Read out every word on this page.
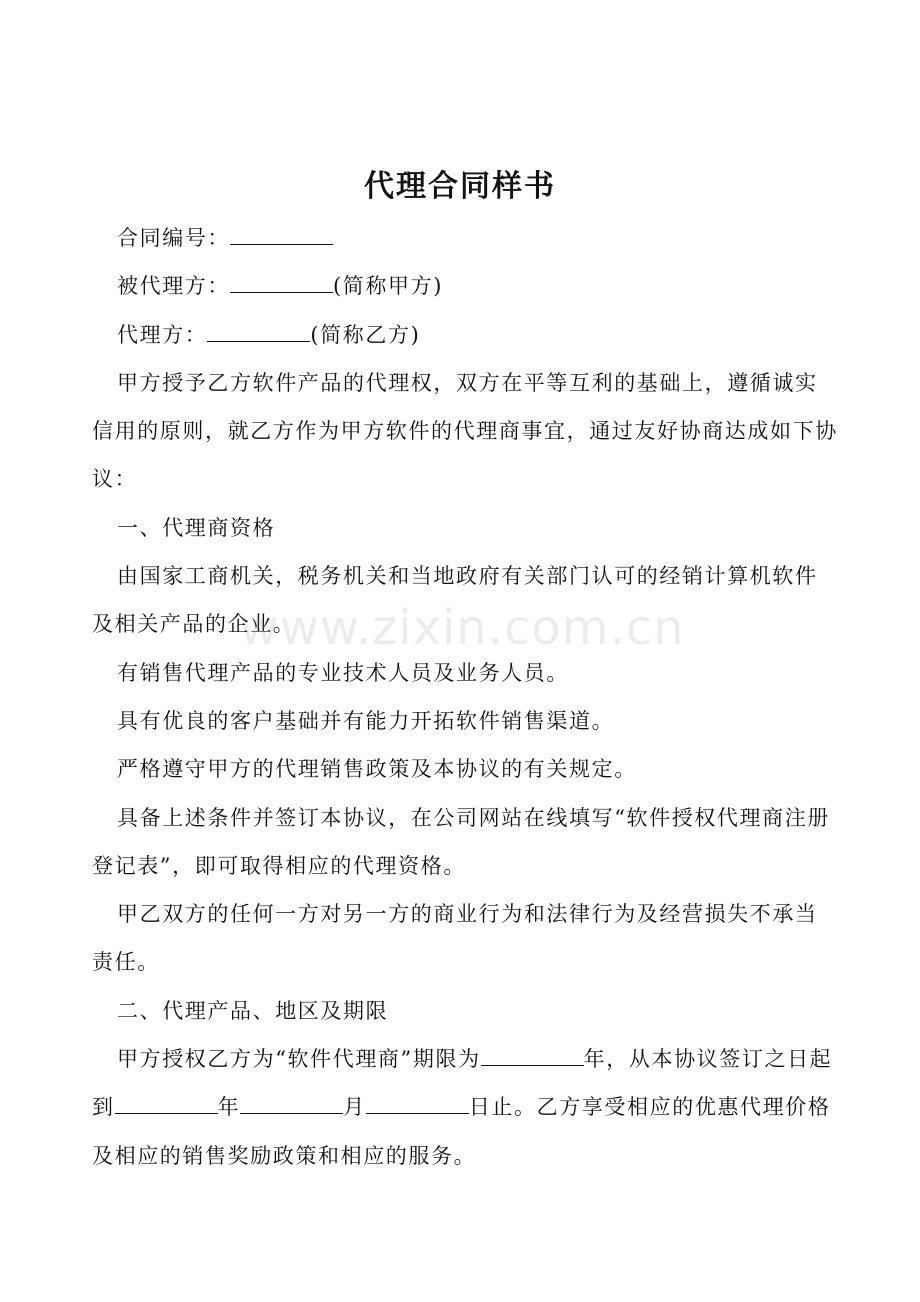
代理合同样书

合同编号：

被代理方：	(简称甲方)

代理方：	(简称乙方)

甲方授予乙方软件产品的代理权，双方在平等互利的基础上，遵循诚实信用的原则，就乙方作为甲方软件的代理商事宜，通过友好协商达成如下协议：

一、代理商资格

由国家工商机关，税务机关和当地政府有关部门认可的经销计算机软件及相关产品的企业。

有销售代理产品的专业技术人员及业务人员。

具有优良的客户基础并有能力开拓软件销售渠道。

严格遵守甲方的代理销售政策及本协议的有关规定。

具备上述条件并签订本协议，在公司网站在线填写“软件授权代理商注册登记表”，即可取得相应的代理资格。

甲乙双方的任何一方对另一方的商业行为和法律行为及经营损失不承当责任。

二、代理产品、地区及期限

甲方授权乙方为“软件代理商”期限为	年，从本协议签订之日起到	年	月	日止。乙方享受相应的优惠代理价格及相应的销售奖励政策和相应的服务。

www.zixin.com.cn
